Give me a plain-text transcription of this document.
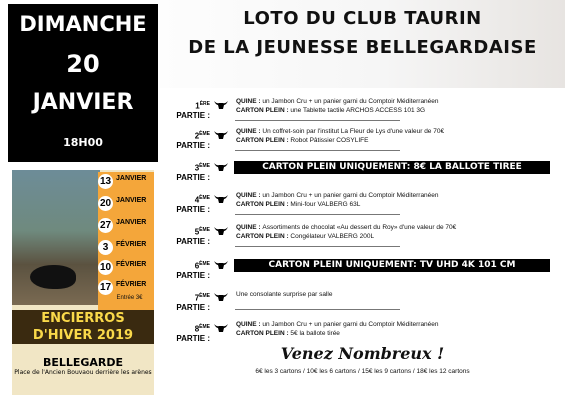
DIMANCHE
20
JANVIER
18H00
13 JANVIER
20 JANVIER
27 JANVIER
3	FÉVRIER
10 FÉVRIER
17 FÉVRIER
Entrée 3€
ENCIERROS
D'HIVER 2019
BELLEGARDE
Place de l'Ancien Bouvaou derrière les arènes
LOTO DU CLUB TAURIN
DE LA JEUNESSE BELLEGARDAISE
1ÈRE PARTIE :
QUINE : un Jambon Cru + un panier garni du Comptoir Méditerranéen
CARTON PLEIN : une Tablette tactile ARCHOS ACCESS 101 3G
2ÈME PARTIE :
QUINE : Un coffret-soin par l'institut La Fleur de Lys d'une valeur de 70€
CARTON PLEIN : Robot Pâtissier COSYLIFE
3ÈME PARTIE :
CARTON PLEIN UNIQUEMENT: 8€ LA BALLOTE TIREE
4ÈME PARTIE :
QUINE : un Jambon Cru + un panier garni du Comptoir Méditerranéen
CARTON PLEIN : Mini-four VALBERG 63L
5ÈME PARTIE :
QUINE : Assortiments de chocolat «Au dessert du Roy» d'une valeur de 70€
CARTON PLEIN : Congélateur VALBERG 200L
6ÈME PARTIE :
CARTON PLEIN UNIQUEMENT: TV UHD 4K 101 CM
7ÈME PARTIE :
Une consolante surprise par salle
8ÈME PARTIE :
QUINE : un Jambon Cru + un panier garni du Comptoir Méditerranéen
CARTON PLEIN : 5€ la ballote tirée
Venez Nombreux !
6€ les 3 cartons / 10€ les 6 cartons / 15€ les 9 cartons / 18€ les 12 cartons
